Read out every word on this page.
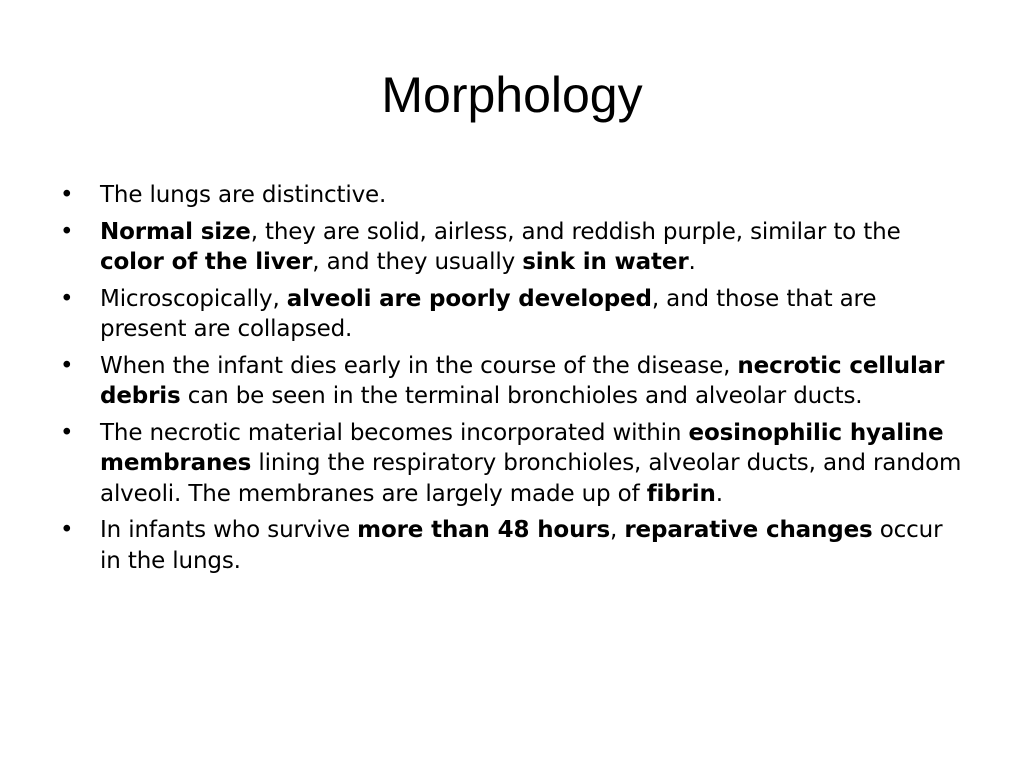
Morphology
• The lungs are distinctive.
• Normal size, they are solid, airless, and reddish purple, similar to the color of the liver, and they usually sink in water.
• Microscopically, alveoli are poorly developed, and those that are present are collapsed.
• When the infant dies early in the course of the disease, necrotic cellular debris can be seen in the terminal bronchioles and alveolar ducts.
• The necrotic material becomes incorporated within eosinophilic hyaline membranes lining the respiratory bronchioles, alveolar ducts, and random alveoli. The membranes are largely made up of fibrin.
• In infants who survive more than 48 hours, reparative changes occur in the lungs.
